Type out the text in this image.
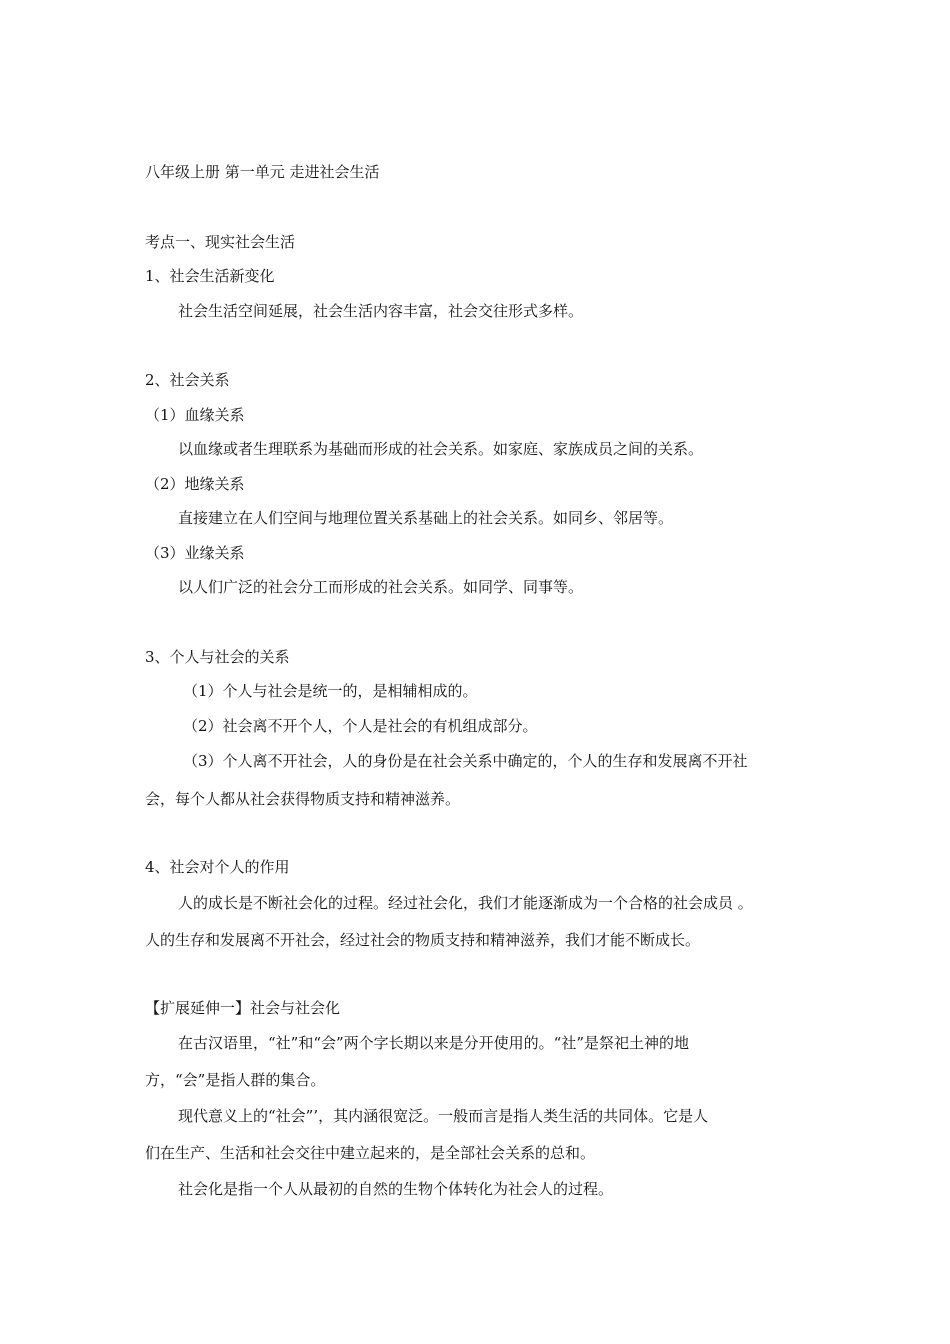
八年级上册 第一单元 走进社会生活
考点一、现实社会生活
1、社会生活新变化
社会生活空间延展，社会生活内容丰富，社会交往形式多样。
2、社会关系
（1）血缘关系
以血缘或者生理联系为基础而形成的社会关系。如家庭、家族成员之间的关系。
（2）地缘关系
直接建立在人们空间与地理位置关系基础上的社会关系。如同乡、邻居等。
（3）业缘关系
以人们广泛的社会分工而形成的社会关系。如同学、同事等。
3、个人与社会的关系
（1）个人与社会是统一的，是相辅相成的。
（2）社会离不开个人，个人是社会的有机组成部分。
（3）个人离不开社会，人的身份是在社会关系中确定的，个人的生存和发展离不开社
会，每个人都从社会获得物质支持和精神滋养。
4、社会对个人的作用
人的成长是不断社会化的过程。经过社会化，我们才能逐渐成为一个合格的社会成员 。
人的生存和发展离不开社会，经过社会的物质支持和精神滋养，我们才能不断成长。
【扩展延伸一】社会与社会化
在古汉语里，“社”和“会”两个字长期以来是分开使用的。“社”是祭祀土神的地
方，“会”是指人群的集合。
现代意义上的“社会”’，其内涵很宽泛。一般而言是指人类生活的共同体。它是人
们在生产、生活和社会交往中建立起来的，是全部社会关系的总和。
社会化是指一个人从最初的自然的生物个体转化为社会人的过程。
